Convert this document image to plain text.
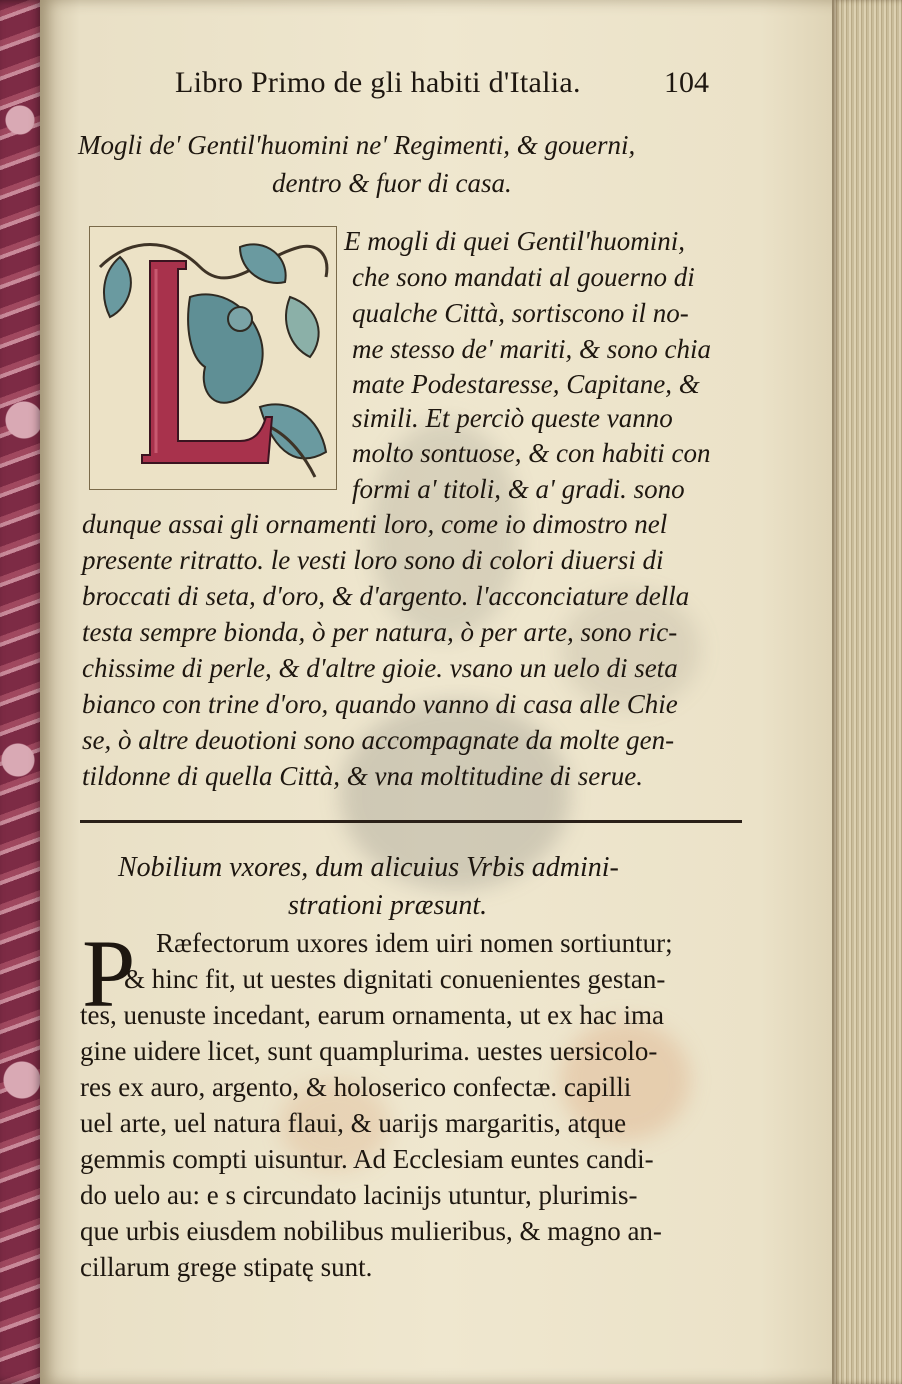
Libro Primo de gli habiti d'Italia.	104
Mogli de' Gentil'huomini ne' Regimenti, & gouerni,
dentro & fuor di casa.
E mogli di quei Gentil'huomini,
che sono mandati al gouerno di
qualche Città, sortiscono il no-
me stesso de' mariti, & sono chia
mate Podestaresse, Capitane, &
simili. Et perciò queste vanno
molto sontuose, & con habiti con
formi a' titoli, & a' gradi. sono
dunque assai gli ornamenti loro, come io dimostro nel
presente ritratto. le vesti loro sono di colori diuersi di
broccati di seta, d'oro, & d'argento. l'acconciature della
testa sempre bionda, ò per natura, ò per arte, sono ric-
chissime di perle, & d'altre gioie. vsano un uelo di seta
bianco con trine d'oro, quando vanno di casa alle Chie
se, ò altre deuotioni sono accompagnate da molte gen-
tildonne di quella Città, & vna moltitudine di serue.
Nobilium vxores, dum alicuius Vrbis admini-
strationi præsunt.
P Ræfectorum uxores idem uiri nomen sortiuntur;
& hinc fit, ut uestes dignitati conuenientes gestan-
tes, uenuste incedant, earum ornamenta, ut ex hac ima
gine uidere licet, sunt quamplurima. uestes uersicolo-
res ex auro, argento, & holoserico confectæ. capilli
uel arte, uel natura flaui, & uarijs margaritis, atque
gemmis compti uisuntur. Ad Ecclesiam euntes candi-
do uelo au: e s circundato lacinijs utuntur, plurimis-
que urbis eiusdem nobilibus mulieribus, & magno an-
cillarum grege stipatę sunt.
